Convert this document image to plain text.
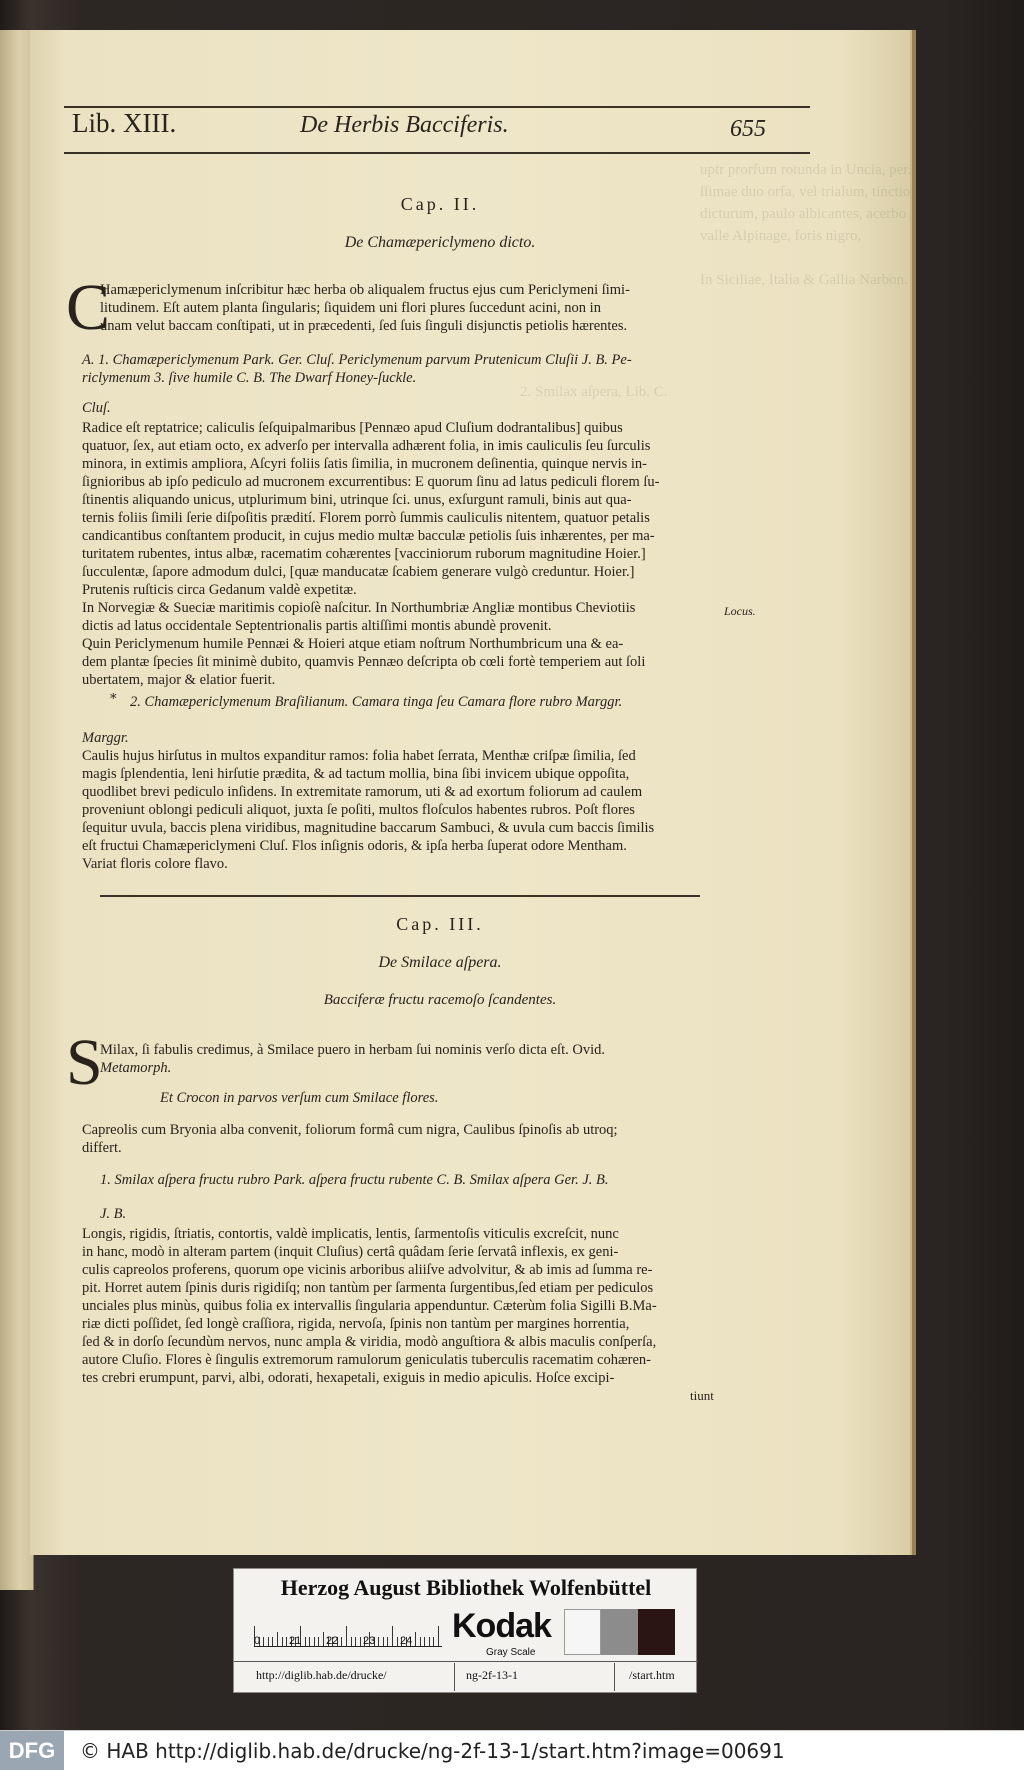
uptr prorfum rotunda in Uncia, per.
ſſimae duo orfa, vel trialum, tinctio
dicturum, paulo albicantes, acerbo
valle Alpinage, foris nigro,
In Siciliae, Italia & Gallia Narbon.
2. Smilax aſpera, Lib. C.
Lib. XIII.	De Herbis Bacciferis.	655
Cap. II.
De Chamæpericlymeno dicto.
C
Hamæpericlymenum inſcribitur hæc herba ob aliqualem fructus ejus cum Periclymeni ſimi-
litudinem. Eſt autem planta ſingularis; ſiquidem uni flori plures ſuccedunt acini, non in
unam velut baccam conſtipati, ut in præcedenti, ſed ſuis ſinguli disjunctis petiolis hærentes.
A. 1. Chamæpericlymenum Park. Ger. Cluſ. Periclymenum parvum Prutenicum Cluſii J. B. Pe-
riclymenum 3. ſive humile C. B. The Dwarf Honey-ſuckle.
Cluſ.
Radice eſt reptatrice; caliculis ſeſquipalmaribus [Pennæo apud Cluſium dodrantalibus] quibus
quatuor, ſex, aut etiam octo, ex adverſo per intervalla adhærent folia, in imis cauliculis ſeu ſurculis
minora, in extimis ampliora, Aſcyri foliis ſatis ſimilia, in mucronem deſinentia, quinque nervis in-
ſignioribus ab ipſo pediculo ad mucronem excurrentibus: E quorum ſinu ad latus pediculi florem ſu-
ſtinentis aliquando unicus, utplurimum bini, utrinque ſci. unus, exſurgunt ramuli, binis aut qua-
ternis foliis ſimili ſerie diſpoſitis prædití. Florem porrò ſummis cauliculis nitentem, quatuor petalis
candicantibus conſtantem producit, in cujus medio multæ bacculæ petiolis ſuis inhærentes, per ma-
turitatem rubentes, intus albæ, racematim cohærentes [vacciniorum ruborum magnitudine Hoier.]
ſucculentæ, ſapore admodum dulci, [quæ manducatæ ſcabiem generare vulgò creduntur. Hoier.]
Prutenis ruſticis circa Gedanum valdè expetitæ.
In Norvegiæ & Sueciæ maritimis copioſè naſcitur. In Northumbriæ Angliæ montibus Cheviotiis
dictis ad latus occidentale Septentrionalis partis altiſſimi montis abundè provenit.
Locus.
Quin Periclymenum humile Pennæi & Hoieri atque etiam noſtrum Northumbricum una & ea-
dem plantæ ſpecies ſit minimè dubito, quamvis Pennæo deſcripta ob cœli fortè temperiem aut ſoli
ubertatem, major & elatior fuerit.
* 2. Chamæpericlymenum Braſilianum. Camara tinga ſeu Camara flore rubro Marggr.
Marggr.
Caulis hujus hirſutus in multos expanditur ramos: folia habet ſerrata, Menthæ criſpæ ſimilia, ſed
magis ſplendentia, leni hirſutie prædita, & ad tactum mollia, bina ſibi invicem ubique oppoſita,
quodlibet brevi pediculo inſidens. In extremitate ramorum, uti & ad exortum foliorum ad caulem
proveniunt oblongi pediculi aliquot, juxta ſe poſiti, multos floſculos habentes rubros. Poſt flores
ſequitur uvula, baccis plena viridibus, magnitudine baccarum Sambuci, & uvula cum baccis ſimilis
eſt fructui Chamæpericlymeni Cluſ. Flos inſignis odoris, & ipſa herba ſuperat odore Mentham.
Variat floris colore flavo.
Cap. III.
De Smilace aſpera.
Bacciferæ fructu racemoſo ſcandentes.
S
Milax, ſi fabulis credimus, à Smilace puero in herbam ſui nominis verſo dicta eſt. Ovid.
Metamorph.
Et Crocon in parvos verſum cum Smilace flores.
Capreolis cum Bryonia alba convenit, foliorum formâ cum nigra, Caulibus ſpinoſis ab utroq;
differt.
1. Smilax aſpera fructu rubro Park. aſpera fructu rubente C. B. Smilax aſpera Ger. J. B.
J. B.
Longis, rigidis, ſtriatis, contortis, valdè implicatis, lentis, ſarmentoſis viticulis excreſcit, nunc
in hanc, modò in alteram partem (inquit Cluſius) certâ quâdam ſerie ſervatâ inflexis, ex geni-
culis capreolos proferens, quorum ope vicinis arboribus aliiſve advolvitur, & ab imis ad ſumma re-
pit. Horret autem ſpinis duris rigidiſq; non tantùm per ſarmenta ſurgentibus,ſed etiam per pediculos
unciales plus minùs, quibus folia ex intervallis ſingularia appenduntur. Cæterùm folia Sigilli B.Ma-
riæ dicti poſſidet, ſed longè craſſiora, rigida, nervoſa, ſpinis non tantùm per margines horrentia,
ſed & in dorſo ſecundùm nervos, nunc ampla & viridia, modò anguſtiora & albis maculis conſperſa,
autore Cluſio. Flores è ſingulis extremorum ramulorum geniculatis tuberculis racematim cohæren-
tes crebri erumpunt, parvi, albi, odorati, hexapetali, exiguis in medio apiculis. Hoſce excipi-
tiunt
Herzog August Bibliothek Wolfenbüttel
0	21 22 23 24 Kodak
Gray Scale
http://diglib.hab.de/drucke/	ng-2f-13-1	/start.htm
DFG	© HAB http://diglib.hab.de/drucke/ng-2f-13-1/start.htm?image=00691
